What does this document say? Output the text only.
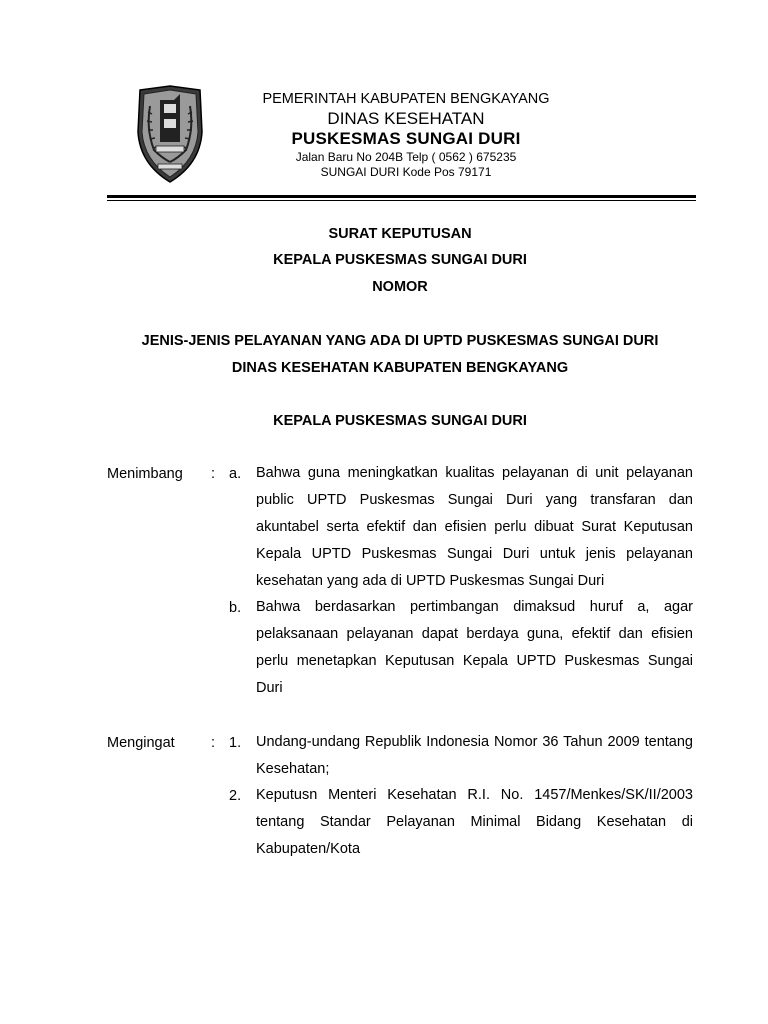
PEMERINTAH KABUPATEN BENGKAYANG
DINAS KESEHATAN
PUSKESMAS SUNGAI DURI
Jalan Baru No 204B Telp ( 0562 ) 675235
SUNGAI DURI Kode Pos 79171
SURAT KEPUTUSAN
KEPALA PUSKESMAS SUNGAI DURI
NOMOR
JENIS-JENIS PELAYANAN YANG ADA DI UPTD PUSKESMAS SUNGAI DURI
DINAS KESEHATAN KABUPATEN BENGKAYANG
KEPALA PUSKESMAS SUNGAI DURI
Menimbang : a. Bahwa guna meningkatkan kualitas pelayanan di unit pelayanan public UPTD Puskesmas Sungai Duri yang transfaran dan akuntabel serta efektif dan efisien perlu dibuat Surat Keputusan Kepala UPTD Puskesmas Sungai Duri untuk jenis pelayanan kesehatan yang ada di UPTD Puskesmas Sungai Duri
b. Bahwa berdasarkan pertimbangan dimaksud huruf a, agar pelaksanaan pelayanan dapat berdaya guna, efektif dan efisien perlu menetapkan Keputusan Kepala UPTD Puskesmas Sungai Duri
Mengingat	: 1. Undang-undang Republik Indonesia Nomor 36 Tahun 2009 tentang Kesehatan;
2. Keputusn Menteri Kesehatan R.I. No. 1457/Menkes/SK/II/2003 tentang Standar Pelayanan Minimal Bidang Kesehatan di Kabupaten/Kota
